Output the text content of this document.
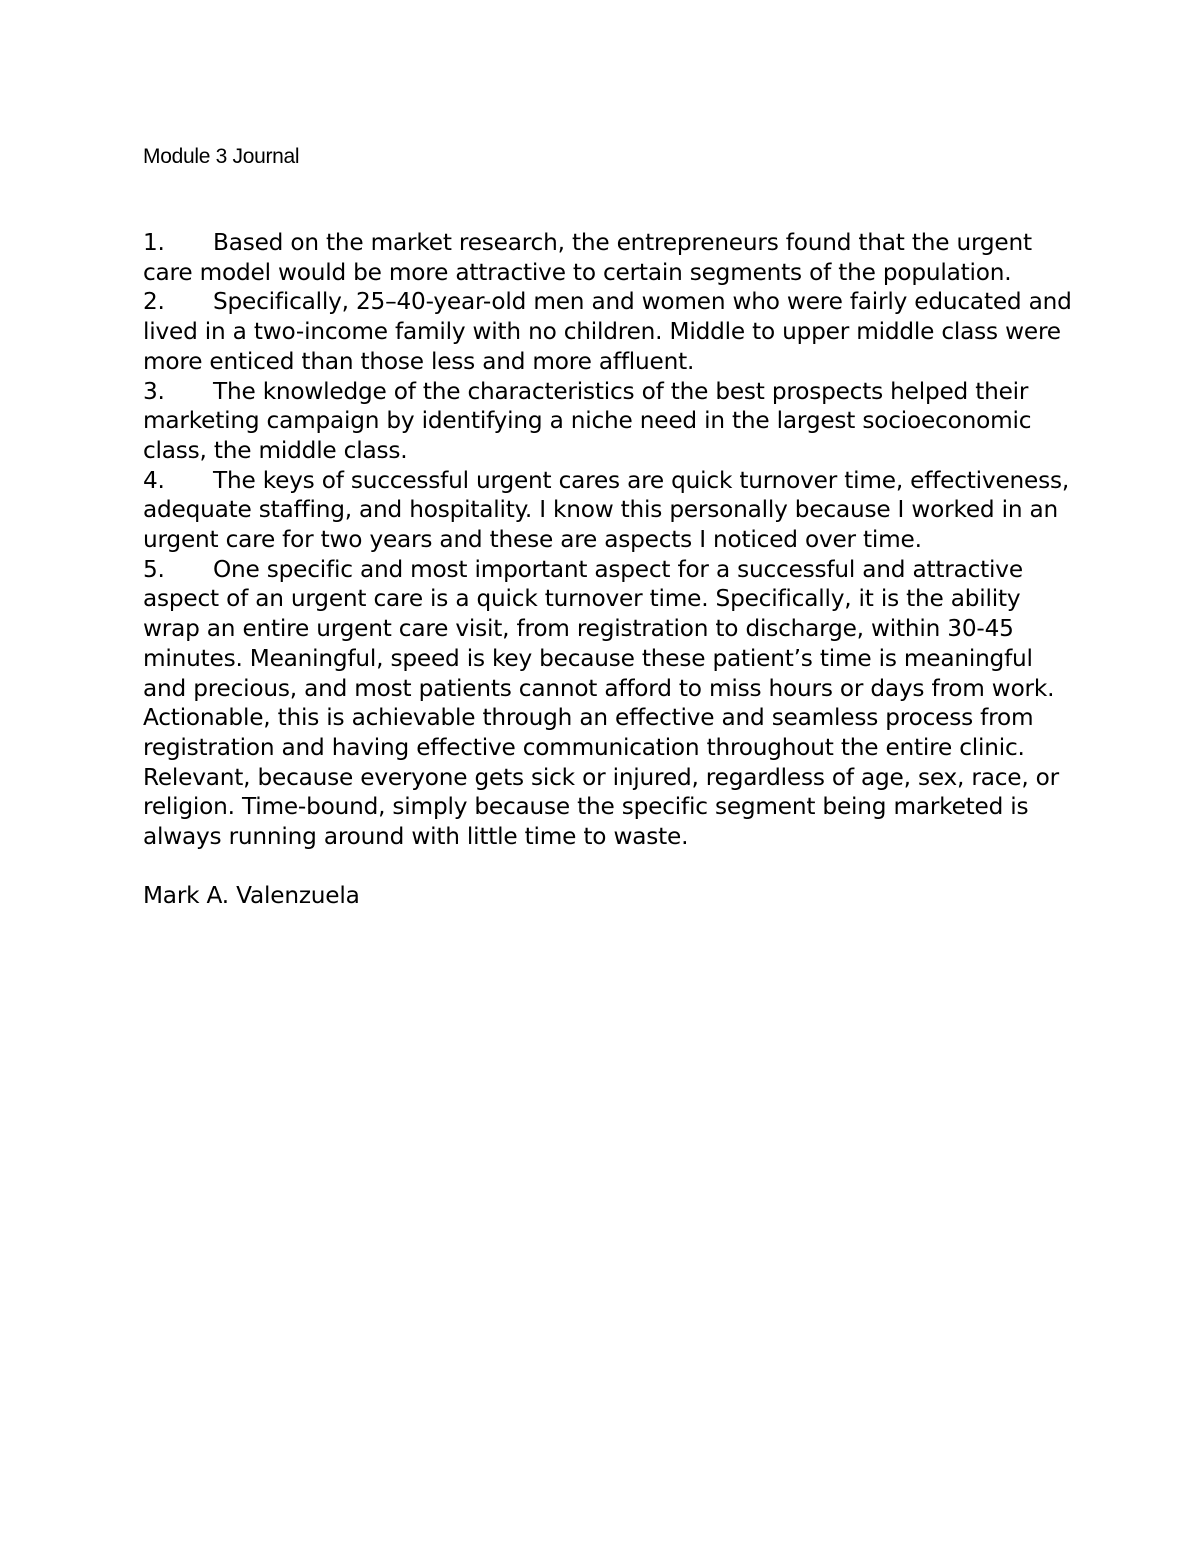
Module 3 Journal
1. Based on the market research, the entrepreneurs found that the urgent care model would be more attractive to certain segments of the population.
2. Specifically, 25–40-year-old men and women who were fairly educated and lived in a two-income family with no children. Middle to upper middle class were more enticed than those less and more affluent.
3. The knowledge of the characteristics of the best prospects helped their marketing campaign by identifying a niche need in the largest socioeconomic class, the middle class.
4. The keys of successful urgent cares are quick turnover time, effectiveness, adequate staffing, and hospitality. I know this personally because I worked in an urgent care for two years and these are aspects I noticed over time.
5. One specific and most important aspect for a successful and attractive aspect of an urgent care is a quick turnover time. Specifically, it is the ability wrap an entire urgent care visit, from registration to discharge, within 30-45 minutes. Meaningful, speed is key because these patient’s time is meaningful and precious, and most patients cannot afford to miss hours or days from work. Actionable, this is achievable through an effective and seamless process from registration and having effective communication throughout the entire clinic. Relevant, because everyone gets sick or injured, regardless of age, sex, race, or religion. Time-bound, simply because the specific segment being marketed is always running around with little time to waste.
Mark A. Valenzuela
